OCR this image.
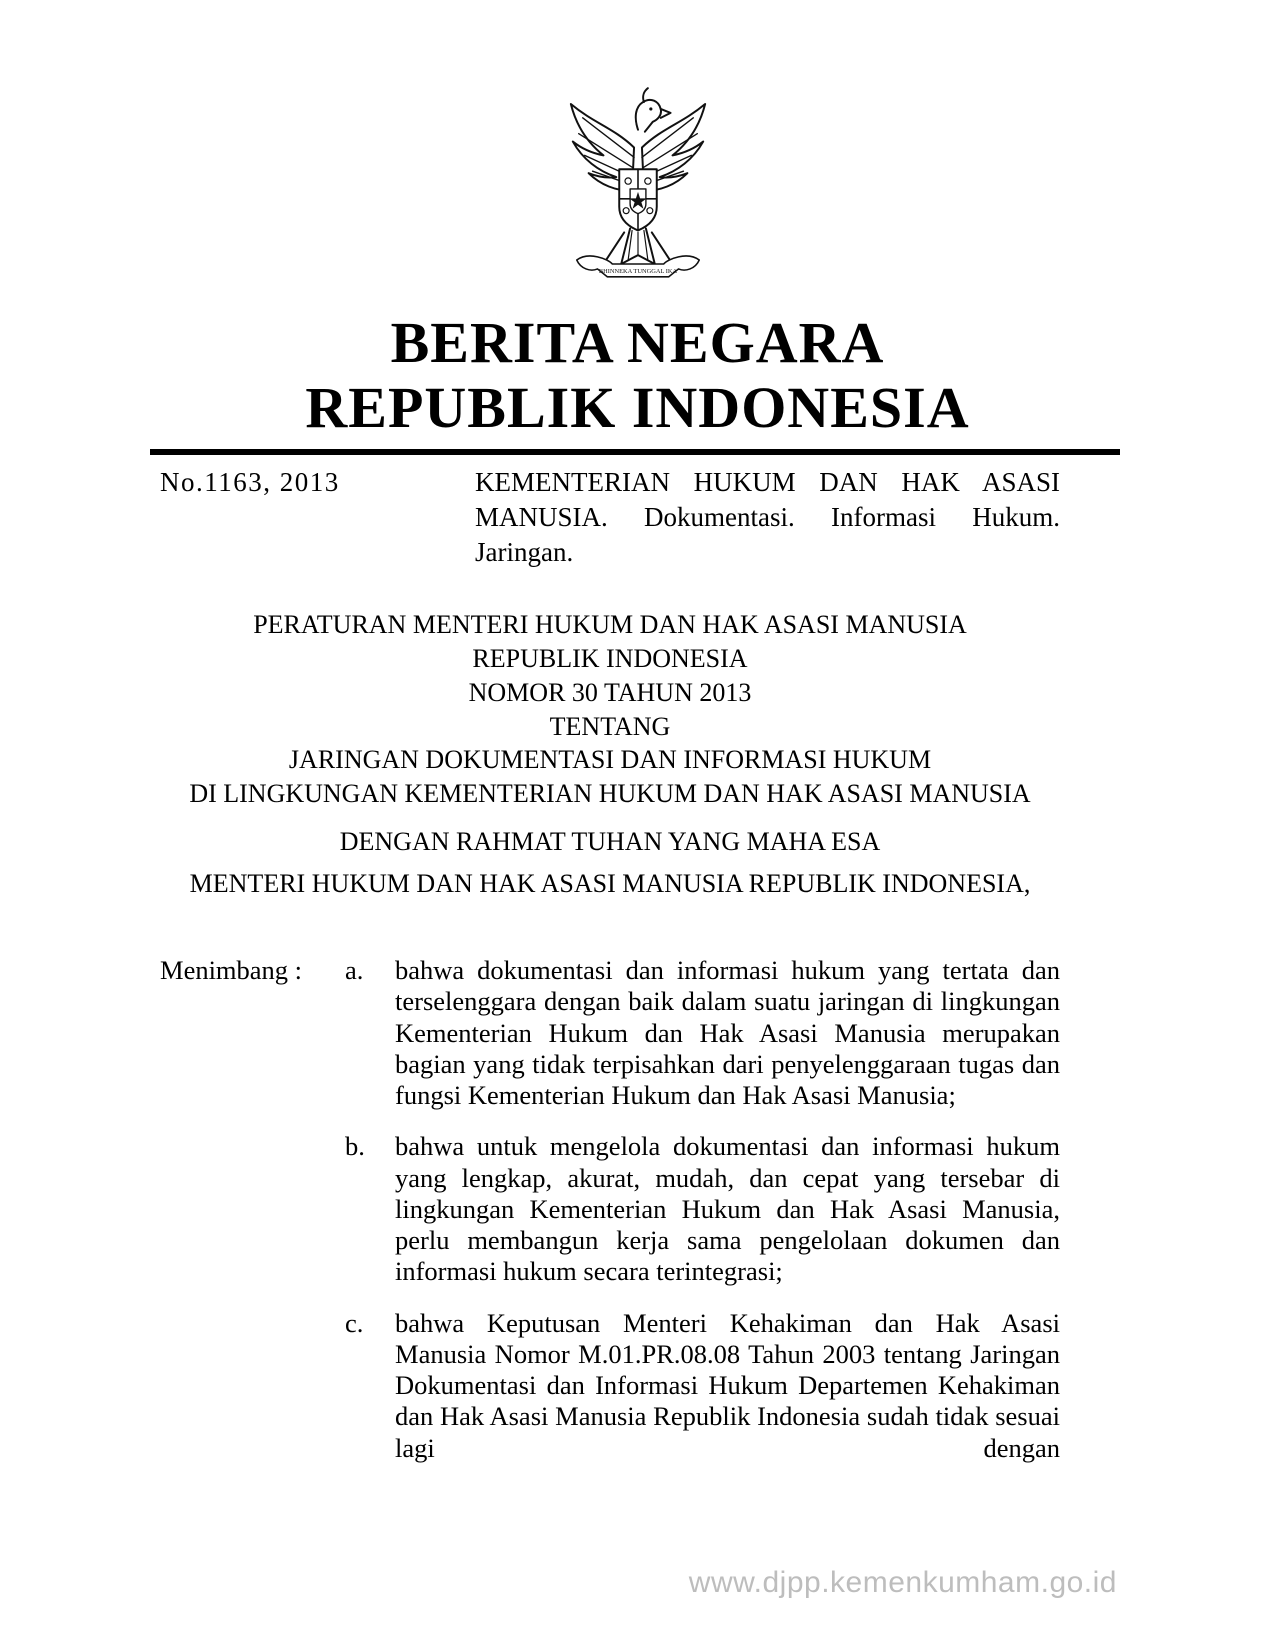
BHINNEKA TUNGGAL IKA
BERITA NEGARA
REPUBLIK INDONESIA
No.1163, 2013	KEMENTERIAN HUKUM DAN HAK ASASI MANUSIA. Dokumentasi. Informasi Hukum. Jaringan.
PERATURAN MENTERI HUKUM DAN HAK ASASI MANUSIA
REPUBLIK INDONESIA
NOMOR 30 TAHUN 2013
TENTANG
JARINGAN DOKUMENTASI DAN INFORMASI HUKUM
DI LINGKUNGAN KEMENTERIAN HUKUM DAN HAK ASASI MANUSIA
DENGAN RAHMAT TUHAN YANG MAHA ESA
MENTERI HUKUM DAN HAK ASASI MANUSIA REPUBLIK INDONESIA,
Menimbang :	a.	bahwa dokumentasi dan informasi hukum yang tertata dan terselenggara dengan baik dalam suatu jaringan di lingkungan Kementerian Hukum dan Hak Asasi Manusia merupakan bagian yang tidak terpisahkan dari penyelenggaraan tugas dan fungsi Kementerian Hukum dan Hak Asasi Manusia;
b.	bahwa untuk mengelola dokumentasi dan informasi hukum yang lengkap, akurat, mudah, dan cepat yang tersebar di lingkungan Kementerian Hukum dan Hak Asasi Manusia, perlu membangun kerja sama pengelolaan dokumen dan informasi hukum secara terintegrasi;
c.	bahwa Keputusan Menteri Kehakiman dan Hak Asasi Manusia Nomor M.01.PR.08.08 Tahun 2003 tentang Jaringan Dokumentasi dan Informasi Hukum Departemen Kehakiman dan Hak Asasi Manusia Republik Indonesia sudah tidak sesuai lagi dengan
www.djpp.kemenkumham.go.id
